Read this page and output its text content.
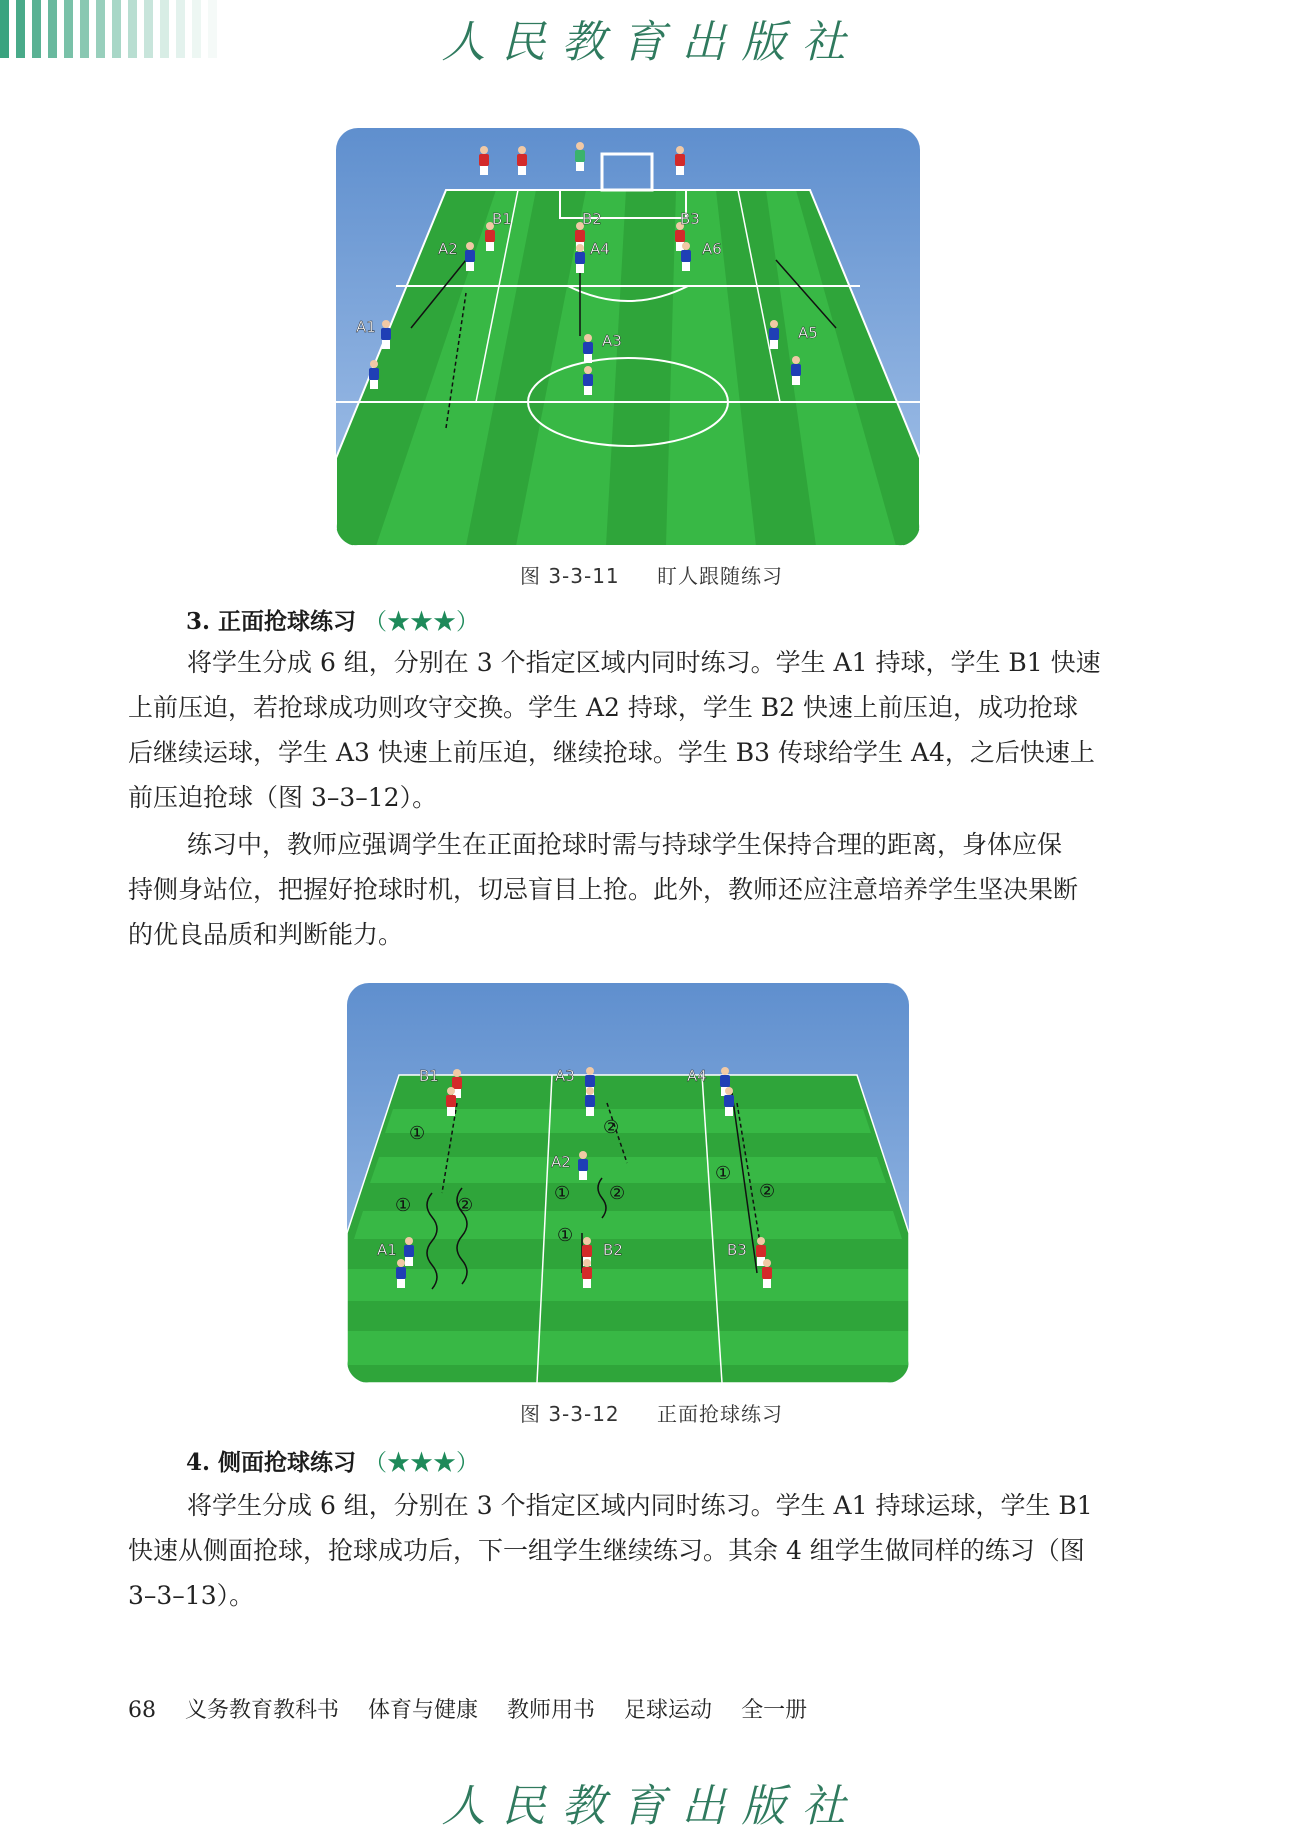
人民教育出版社
B1	B2	B3
A2	A4	A6
A1
A3	A5
图 3-3-11 盯人跟随练习
3. 正面抢球练习 （★★★）
将学生分成 6 组，分别在 3 个指定区域内同时练习。学生 A1 持球，学生 B1 快速
上前压迫，若抢球成功则攻守交换。学生 A2 持球，学生 B2 快速上前压迫，成功抢球
后继续运球，学生 A3 快速上前压迫，继续抢球。学生 B3 传球给学生 A4，之后快速上
前压迫抢球（图 3–3–12）。
练习中，教师应强调学生在正面抢球时需与持球学生保持合理的距离，身体应保
持侧身站位，把握好抢球时机，切忌盲目上抢。此外，教师还应注意培养学生坚决果断
的优良品质和判断能力。
B1	A3	A4
A2
A1	B2	B3
①
①	②
②
① ②
①
①
②
图 3-3-12 正面抢球练习
4. 侧面抢球练习 （★★★）
将学生分成 6 组，分别在 3 个指定区域内同时练习。学生 A1 持球运球，学生 B1
快速从侧面抢球，抢球成功后，下一组学生继续练习。其余 4 组学生做同样的练习（图
3–3–13）。
68 义务教育教科书 体育与健康 教师用书 足球运动 全一册
人民教育出版社
